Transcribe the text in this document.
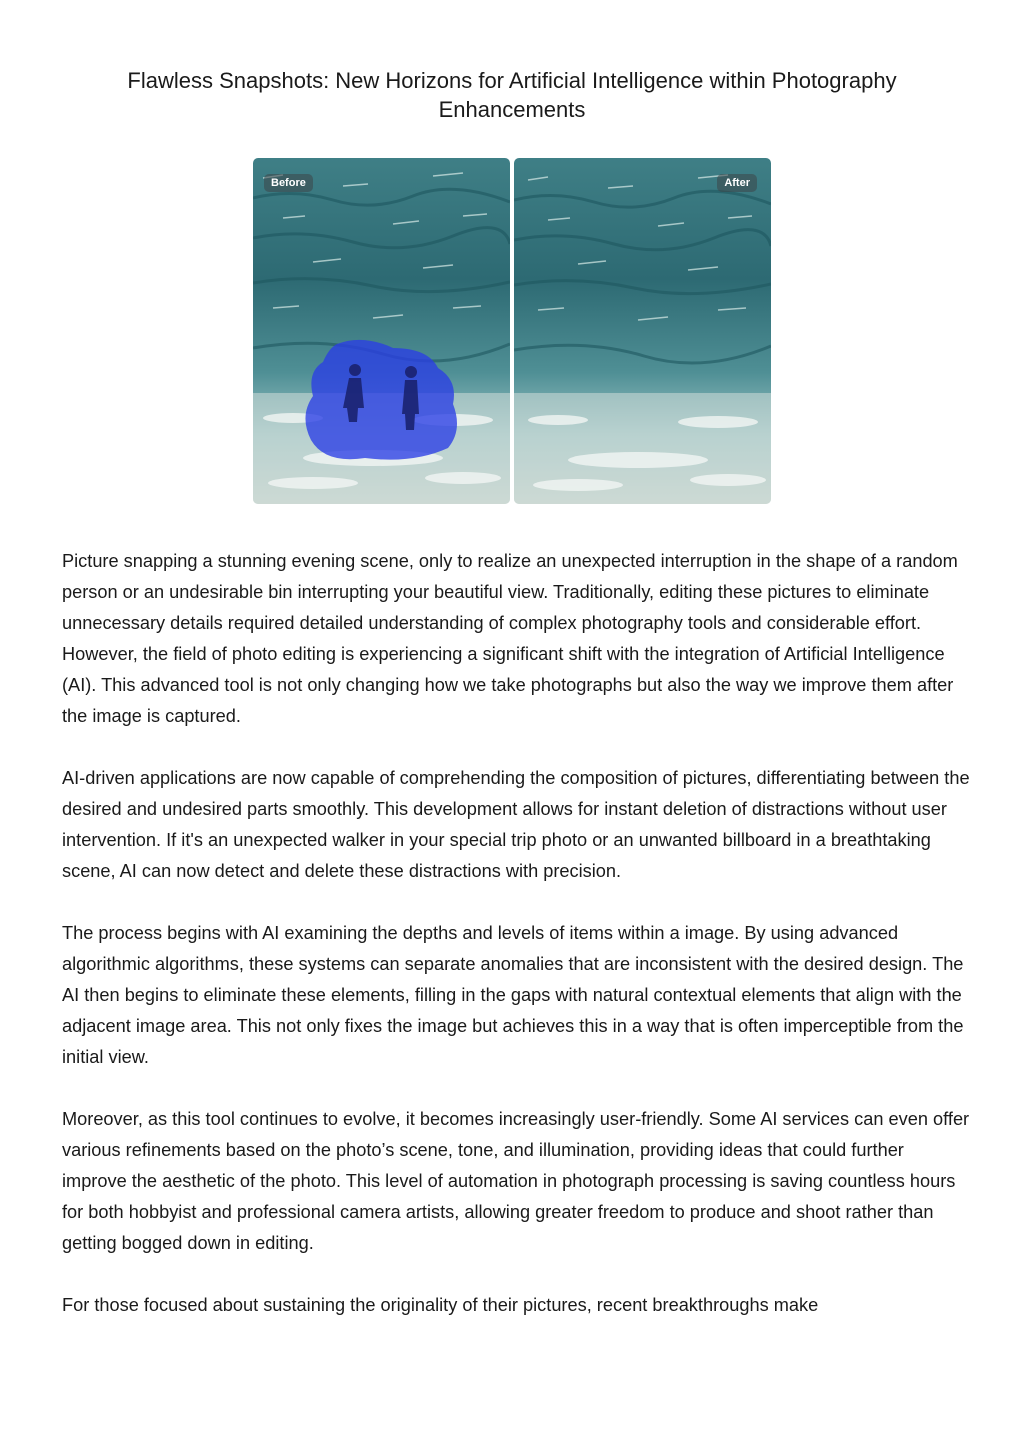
Flawless Snapshots: New Horizons for Artificial Intelligence within Photography Enhancements
Before	After

Picture snapping a stunning evening scene, only to realize an unexpected interruption in the shape of a random person or an undesirable bin interrupting your beautiful view. Traditionally, editing these pictures to eliminate unnecessary details required detailed understanding of complex photography tools and considerable effort. However, the field of photo editing is experiencing a significant shift with the integration of Artificial Intelligence (AI). This advanced tool is not only changing how we take photographs but also the way we improve them after the image is captured.

AI-driven applications are now capable of comprehending the composition of pictures, differentiating between the desired and undesired parts smoothly. This development allows for instant deletion of distractions without user intervention. If it's an unexpected walker in your special trip photo or an unwanted billboard in a breathtaking scene, AI can now detect and delete these distractions with precision.

The process begins with AI examining the depths and levels of items within a image. By using advanced algorithmic algorithms, these systems can separate anomalies that are inconsistent with the desired design. The AI then begins to eliminate these elements, filling in the gaps with natural contextual elements that align with the adjacent image area. This not only fixes the image but achieves this in a way that is often imperceptible from the initial view.

Moreover, as this tool continues to evolve, it becomes increasingly user-friendly. Some AI services can even offer various refinements based on the photo’s scene, tone, and illumination, providing ideas that could further improve the aesthetic of the photo. This level of automation in photograph processing is saving countless hours for both hobbyist and professional camera artists, allowing greater freedom to produce and shoot rather than getting bogged down in editing.

For those focused about sustaining the originality of their pictures, recent breakthroughs make
